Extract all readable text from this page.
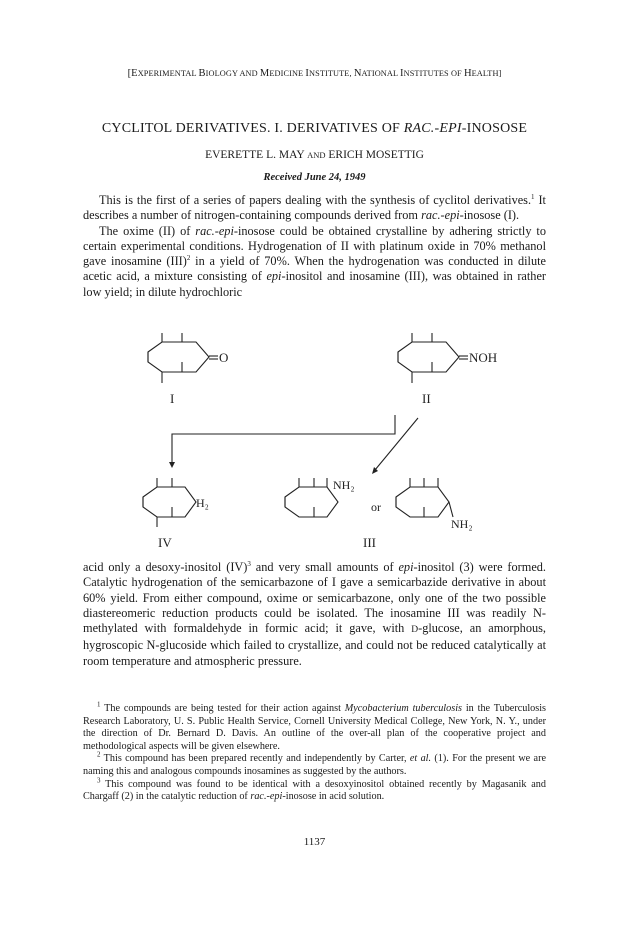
[EXPERIMENTAL BIOLOGY AND MEDICINE INSTITUTE, NATIONAL INSTITUTES OF HEALTH]
CYCLITOL DERIVATIVES. I. DERIVATIVES OF RAC.-EPI-INOSOSE
EVERETTE L. MAY AND ERICH MOSETTIG
Received June 24, 1949

This is the first of a series of papers dealing with the synthesis of cyclitol derivatives.$^1$ It describes a number of nitrogen-containing compounds derived from rac.-epi-inosose (I).

The oxime (II) of rac.-epi-inosose could be obtained crystalline by adhering strictly to certain experimental conditions. Hydrogenation of II with platinum oxide in 70% methanol gave inosamine (III)$^2$ in a yield of 70%. When the hydrogenation was conducted in dilute acetic acid, a mixture consisting of epi-inositol and inosamine (III), was obtained in rather low yield; in dilute hydrochloric

O
I
NOH
II
H₂
IV
NH₂
or
NH₂
III

acid only a desoxy-inositol (IV)$^3$ and very small amounts of epi-inositol (3) were formed. Catalytic hydrogenation of the semicarbazone of I gave a semicarbazide derivative in about 60% yield. From either compound, oxime or semicarbazone, only one of the two possible diastereomeric reduction products could be isolated. The inosamine III was readily N-methylated with formaldehyde in formic acid; it gave, with D-glucose, an amorphous, hygroscopic N-glucoside which failed to crystallize, and could not be reduced catalytically at room temperature and atmospheric pressure.

$^1$ The compounds are being tested for their action against Mycobacterium tuberculosis in the Tuberculosis Research Laboratory, U. S. Public Health Service, Cornell University Medical College, New York, N. Y., under the direction of Dr. Bernard D. Davis. An outline of the over-all plan of the cooperative project and methodological aspects will be given elsewhere.

$^2$ This compound has been prepared recently and independently by Carter, et al. (1). For the present we are naming this and analogous compounds inosamines as suggested by the authors.

$^3$ This compound was found to be identical with a desoxyinositol obtained recently by Magasanik and Chargaff (2) in the catalytic reduction of rac.-epi-inosose in acid solution.

1137
